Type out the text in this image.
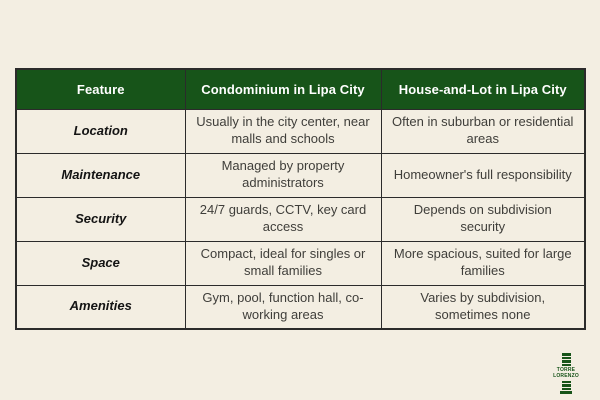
Feature	Condominium in Lipa City	House-and-Lot in Lipa City
Location	Usually in the city center, near malls and schools	Often in suburban or residential areas
Maintenance	Managed by property administrators	Homeowner's full responsibility
Security	24/7 guards, CCTV, key card access	Depends on subdivision security
Space	Compact, ideal for singles or small families	More spacious, suited for large families
Amenities	Gym, pool, function hall, co-working areas	Varies by subdivision, sometimes none
TORRE
LORENZO
